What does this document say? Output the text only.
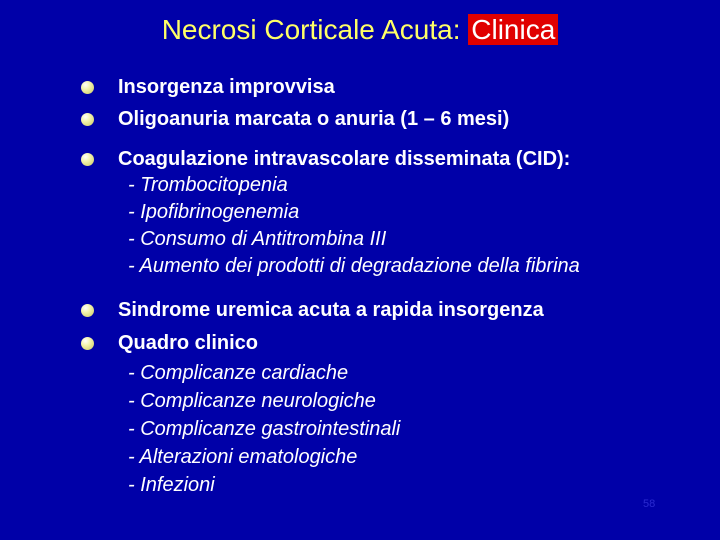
Necrosi Corticale Acuta: Clinica
Insorgenza improvvisa
Oligoanuria marcata o anuria (1 – 6 mesi)
Coagulazione intravascolare disseminata (CID):
- Trombocitopenia
- Ipofibrinogenemia
- Consumo di Antitrombina III
- Aumento dei prodotti di degradazione della fibrina
Sindrome uremica acuta a rapida insorgenza
Quadro clinico
- Complicanze cardiache
- Complicanze neurologiche
- Complicanze gastrointestinali
- Alterazioni ematologiche
- Infezioni
58
